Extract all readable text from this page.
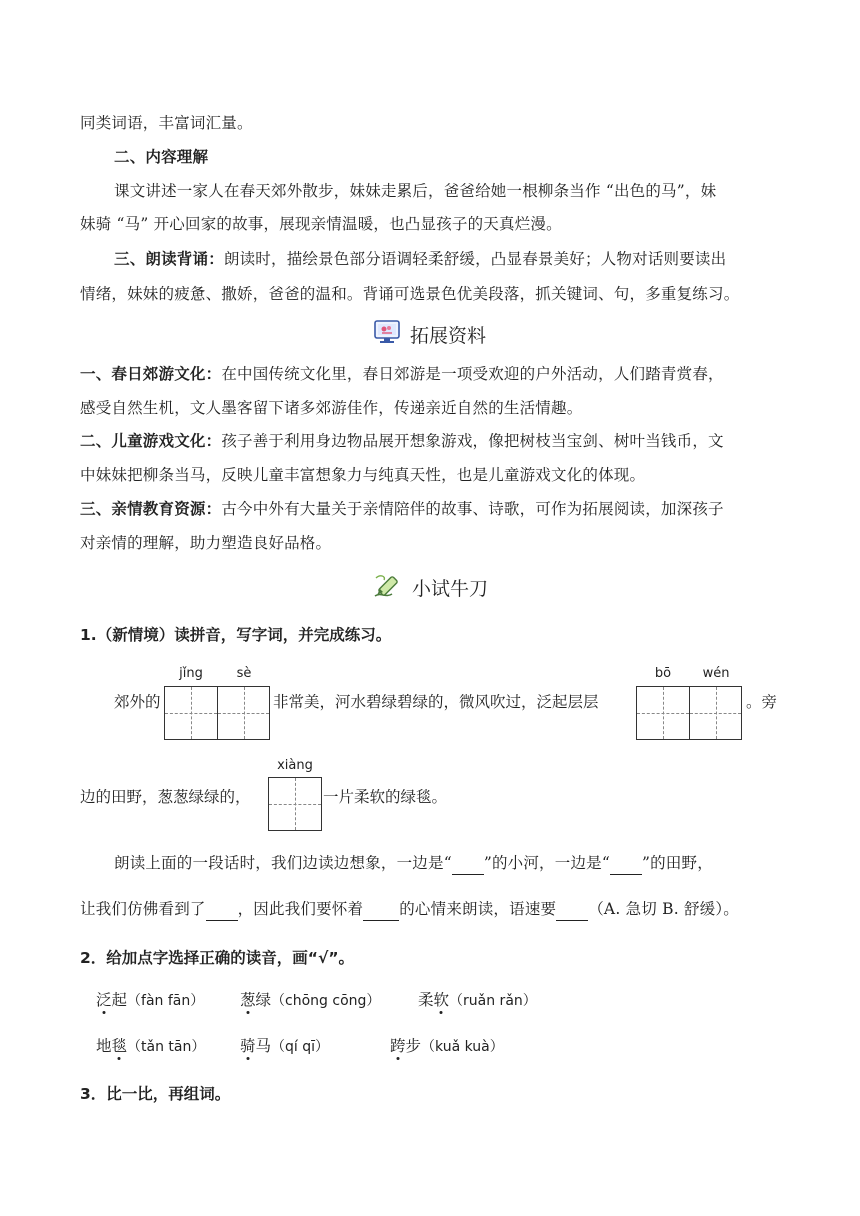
同类词语，丰富词汇量。
二、内容理解
课文讲述一家人在春天郊外散步，妹妹走累后，爸爸给她一根柳条当作 “出色的马”，妹
妹骑 “马” 开心回家的故事，展现亲情温暖，也凸显孩子的天真烂漫。
三、朗读背诵：朗读时，描绘景色部分语调轻柔舒缓，凸显春景美好；人物对话则要读出
情绪，妹妹的疲惫、撒娇，爸爸的温和。背诵可选景色优美段落，抓关键词、句，多重复练习。
拓展资料
一、春日郊游文化：在中国传统文化里，春日郊游是一项受欢迎的户外活动，人们踏青赏春，
感受自然生机，文人墨客留下诸多郊游佳作，传递亲近自然的生活情趣。
二、儿童游戏文化：孩子善于利用身边物品展开想象游戏，像把树枝当宝剑、树叶当钱币，文
中妹妹把柳条当马，反映儿童丰富想象力与纯真天性，也是儿童游戏文化的体现。
三、亲情教育资源：古今中外有大量关于亲情陪伴的故事、诗歌，可作为拓展阅读，加深孩子
对亲情的理解，助力塑造良好品格。
小试牛刀
1.（新情境）读拼音，写字词，并完成练习。
jǐng	sè	bō	wén
郊外的	非常美，河水碧绿碧绿的，微风吹过，泛起层层	。旁
xiàng
边的田野，葱葱绿绿的，	一片柔软的绿毯。
朗读上面的一段话时，我们边读边想象，一边是“ ”的小河，一边是“ ”的田野，
让我们仿佛看到了 ，因此我们要怀着 的心情来朗读，语速要 （A. 急切 B. 舒缓）。
2．给加点字选择正确的读音，画“√”。
泛起（fàn fān） 葱绿（chōng cōng） 柔软（ruǎn rǎn）
地毯（tǎn tān） 骑马（qí qī）	跨步（kuǎ kuà）
3．比一比，再组词。
